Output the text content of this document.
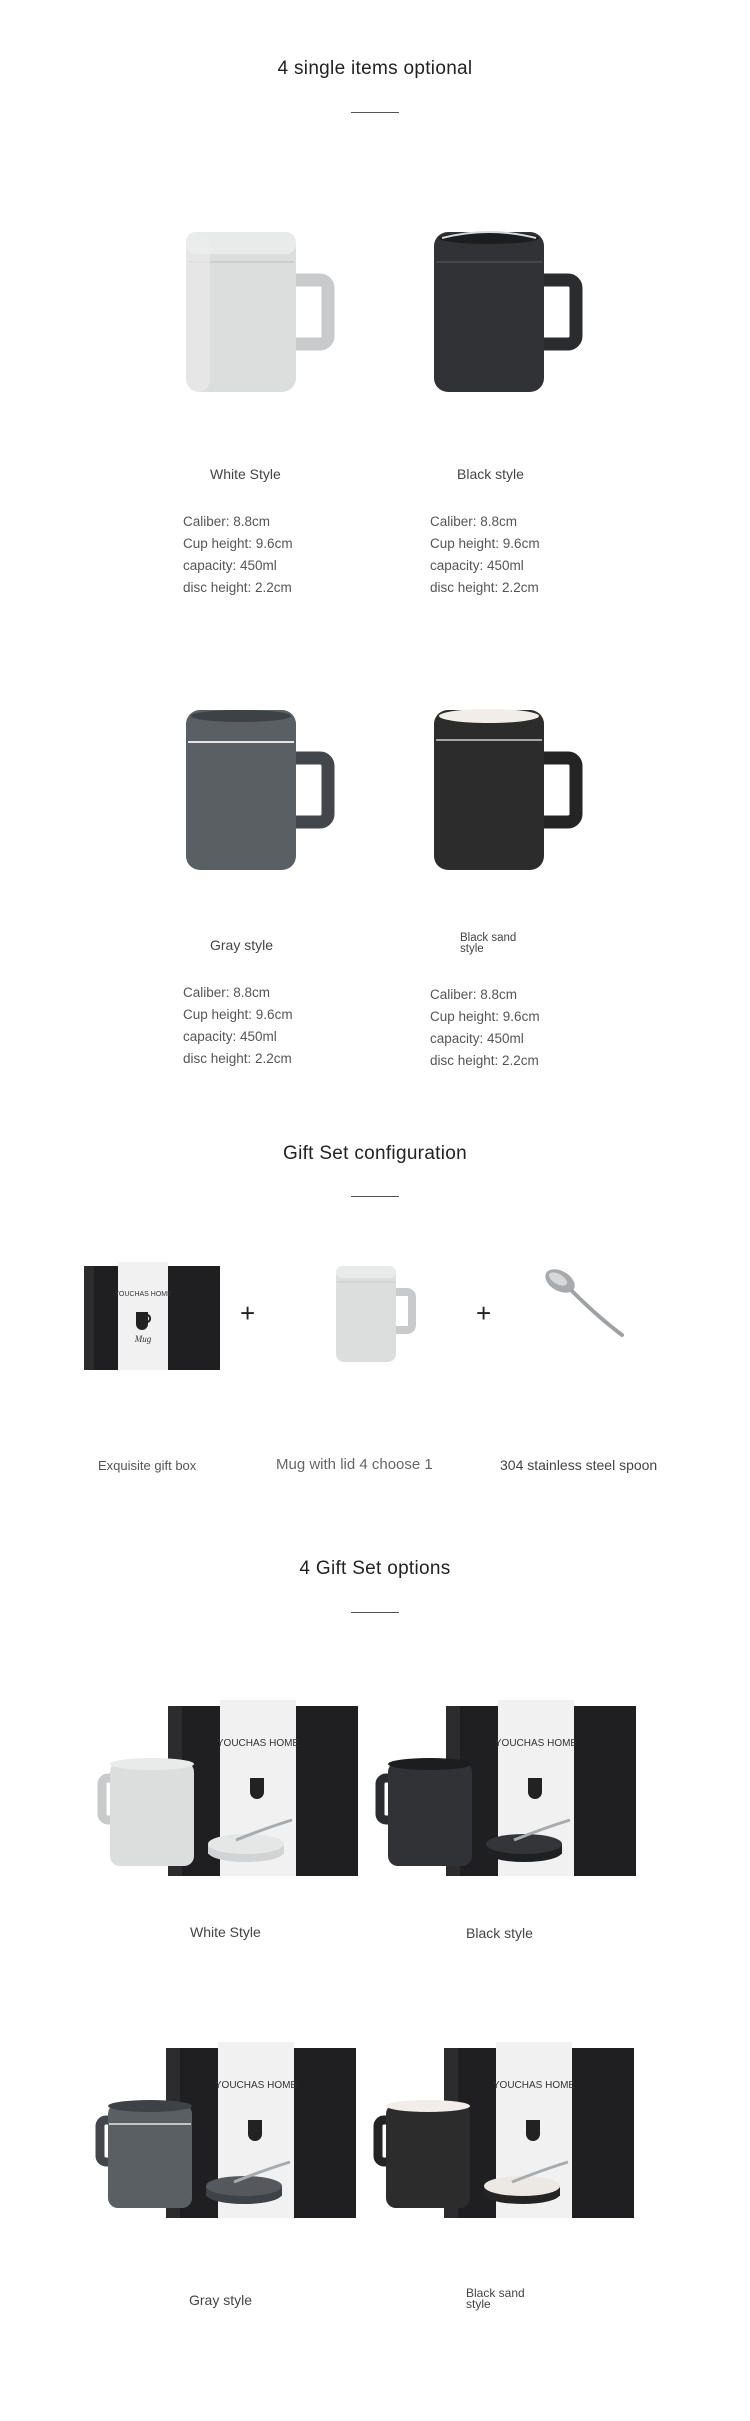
4 single items optional
White Style
Caliber: 8.8cm
Cup height: 9.6cm
capacity: 450ml
disc height: 2.2cm
Black style
Caliber: 8.8cm
Cup height: 9.6cm
capacity: 450ml
disc height: 2.2cm
Gray style
Caliber: 8.8cm
Cup height: 9.6cm
capacity: 450ml
disc height: 2.2cm
Black sand style
Caliber: 8.8cm
Cup height: 9.6cm
capacity: 450ml
disc height: 2.2cm
Gift Set configuration
YOUCHAS HOME
Mug
+	+
Exquisite gift box	Mug with lid 4 choose 1	304 stainless steel spoon
4 Gift Set options
YOUCHAS HOME
White Style
YOUCHAS HOME
Black style
YOUCHAS HOME
Gray style
YOUCHAS HOME
Black sand style
